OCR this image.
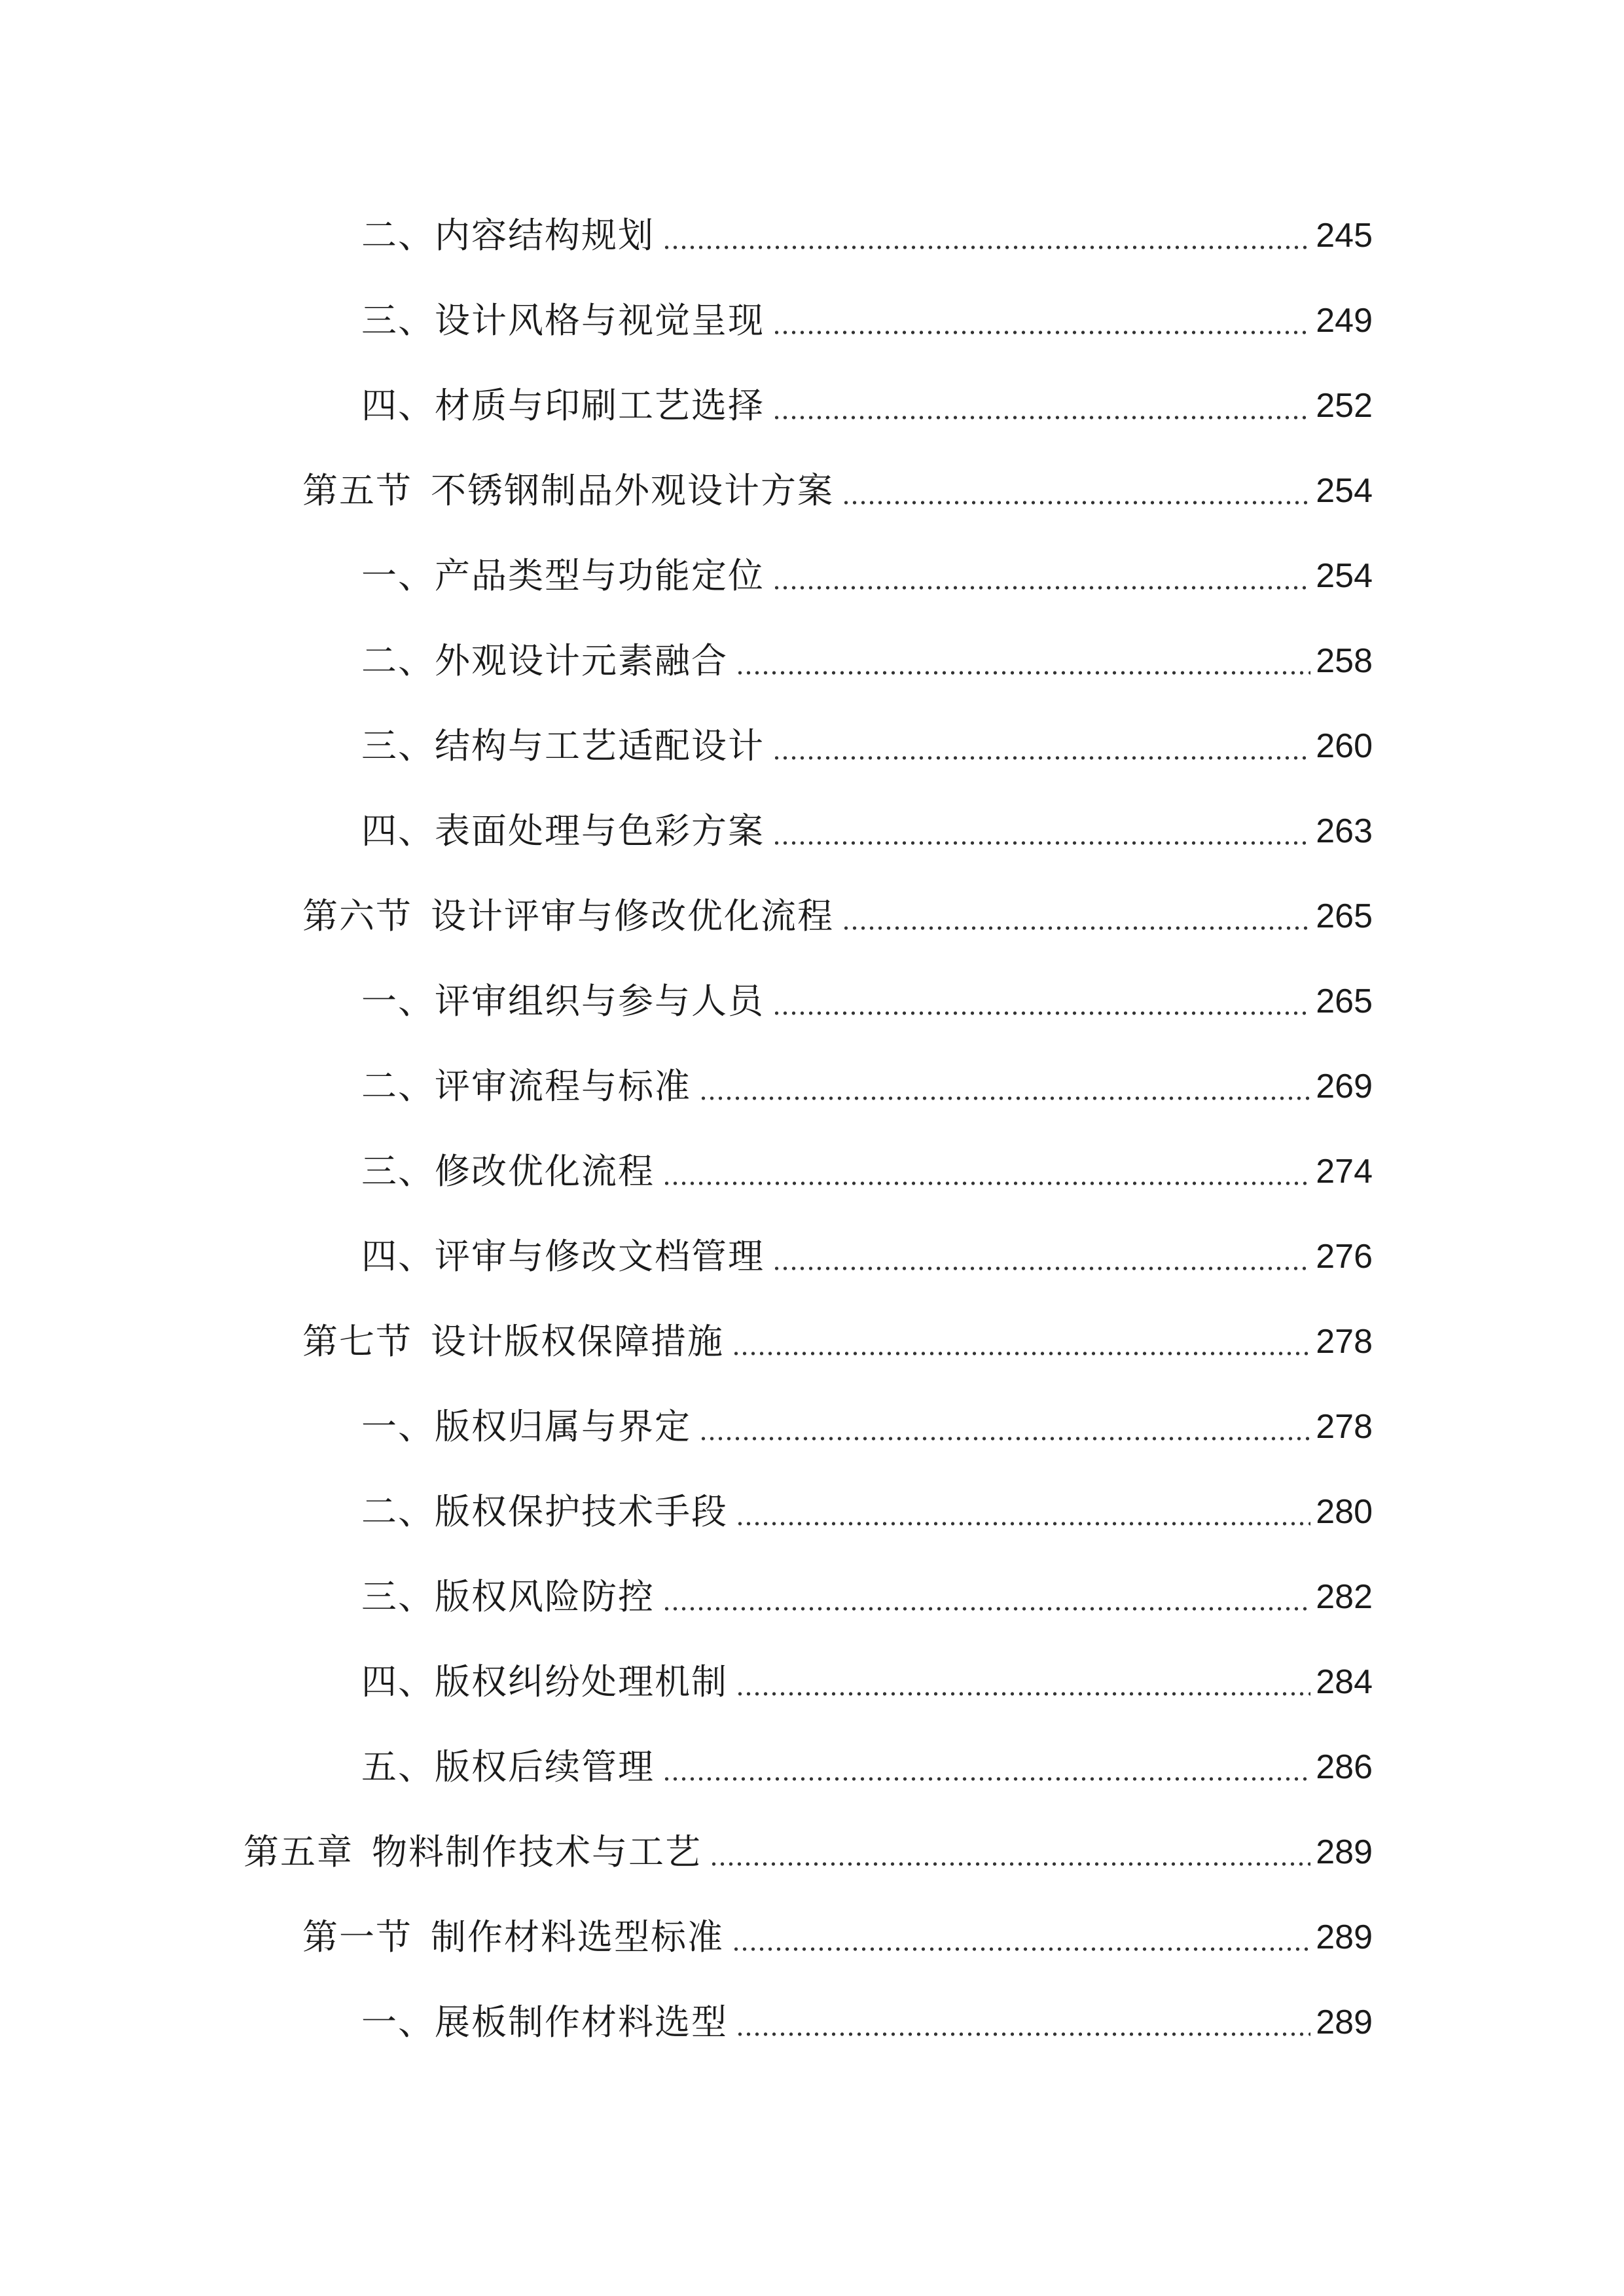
二、内容结构规划	245
三、设计风格与视觉呈现	249
四、材质与印刷工艺选择	252
第五节 不锈钢制品外观设计方案	254
一、产品类型与功能定位	254
二、外观设计元素融合	258
三、结构与工艺适配设计	260
四、表面处理与色彩方案	263
第六节 设计评审与修改优化流程	265
一、评审组织与参与人员	265
二、评审流程与标准	269
三、修改优化流程	274
四、评审与修改文档管理	276
第七节 设计版权保障措施	278
一、版权归属与界定	278
二、版权保护技术手段	280
三、版权风险防控	282
四、版权纠纷处理机制	284
五、版权后续管理	286
第五章 物料制作技术与工艺	289
第一节 制作材料选型标准	289
一、展板制作材料选型	289
